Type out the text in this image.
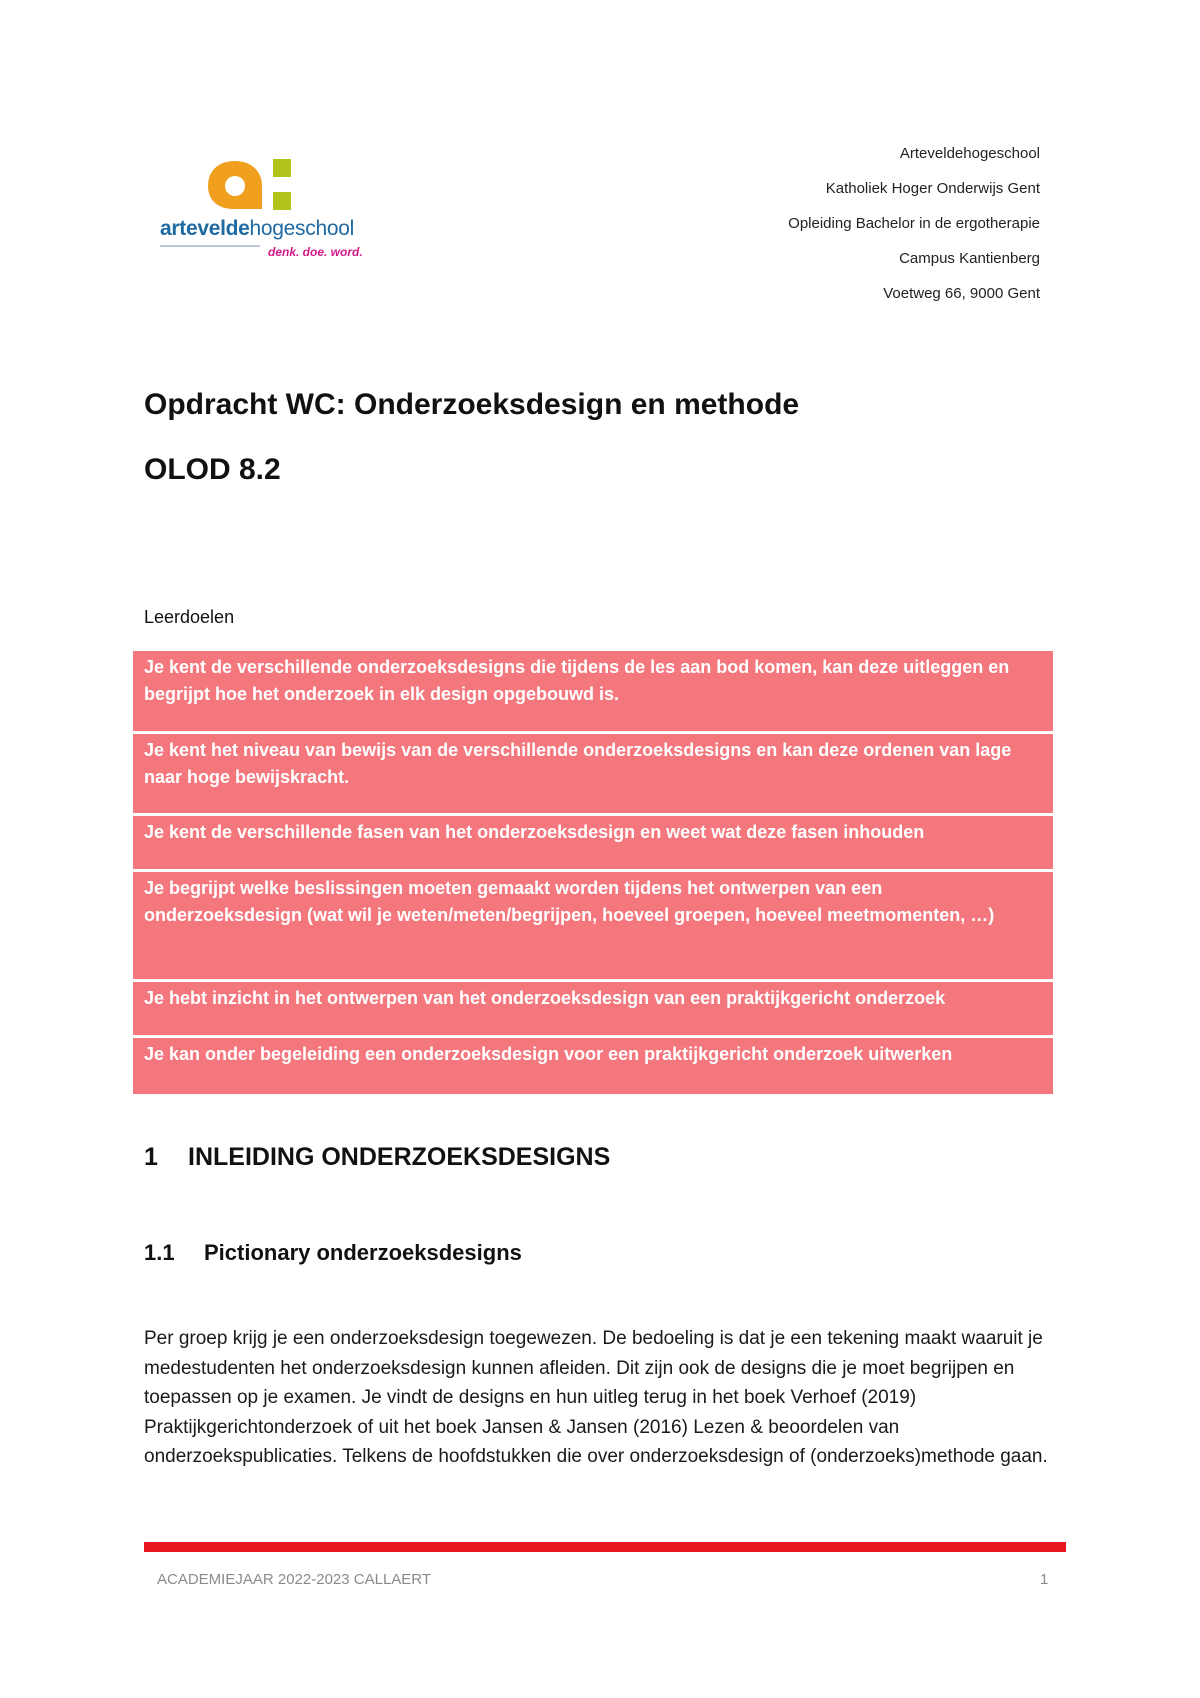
arteveldehogeschool
denk. doe. word.
Arteveldehogeschool
Katholiek Hoger Onderwijs Gent
Opleiding Bachelor in de ergotherapie
Campus Kantienberg
Voetweg 66, 9000 Gent
Opdracht WC: Onderzoeksdesign en methode
OLOD 8.2
Leerdoelen
Je kent de verschillende onderzoeksdesigns die tijdens de les aan bod komen, kan deze uitleggen en begrijpt hoe het onderzoek in elk design opgebouwd is.
Je kent het niveau van bewijs van de verschillende onderzoeksdesigns en kan deze ordenen van lage naar hoge bewijskracht.
Je kent de verschillende fasen van het onderzoeksdesign en weet wat deze fasen inhouden
Je begrijpt welke beslissingen moeten gemaakt worden tijdens het ontwerpen van een onderzoeksdesign (wat wil je weten/meten/begrijpen, hoeveel groepen, hoeveel meetmomenten, …)
Je hebt inzicht in het ontwerpen van het onderzoeksdesign van een praktijkgericht onderzoek
Je kan onder begeleiding een onderzoeksdesign voor een praktijkgericht onderzoek uitwerken
1 INLEIDING ONDERZOEKSDESIGNS
1.1 Pictionary onderzoeksdesigns
Per groep krijg je een onderzoeksdesign toegewezen. De bedoeling is dat je een tekening maakt waaruit je medestudenten het onderzoeksdesign kunnen afleiden. Dit zijn ook de designs die je moet begrijpen en toepassen op je examen. Je vindt de designs en hun uitleg terug in het boek Verhoef (2019) Praktijkgerichtonderzoek of uit het boek Jansen & Jansen (2016) Lezen & beoordelen van onderzoekspublicaties. Telkens de hoofdstukken die over onderzoeksdesign of (onderzoeks)methode gaan.
ACADEMIEJAAR 2022-2023 CALLAERT	1
